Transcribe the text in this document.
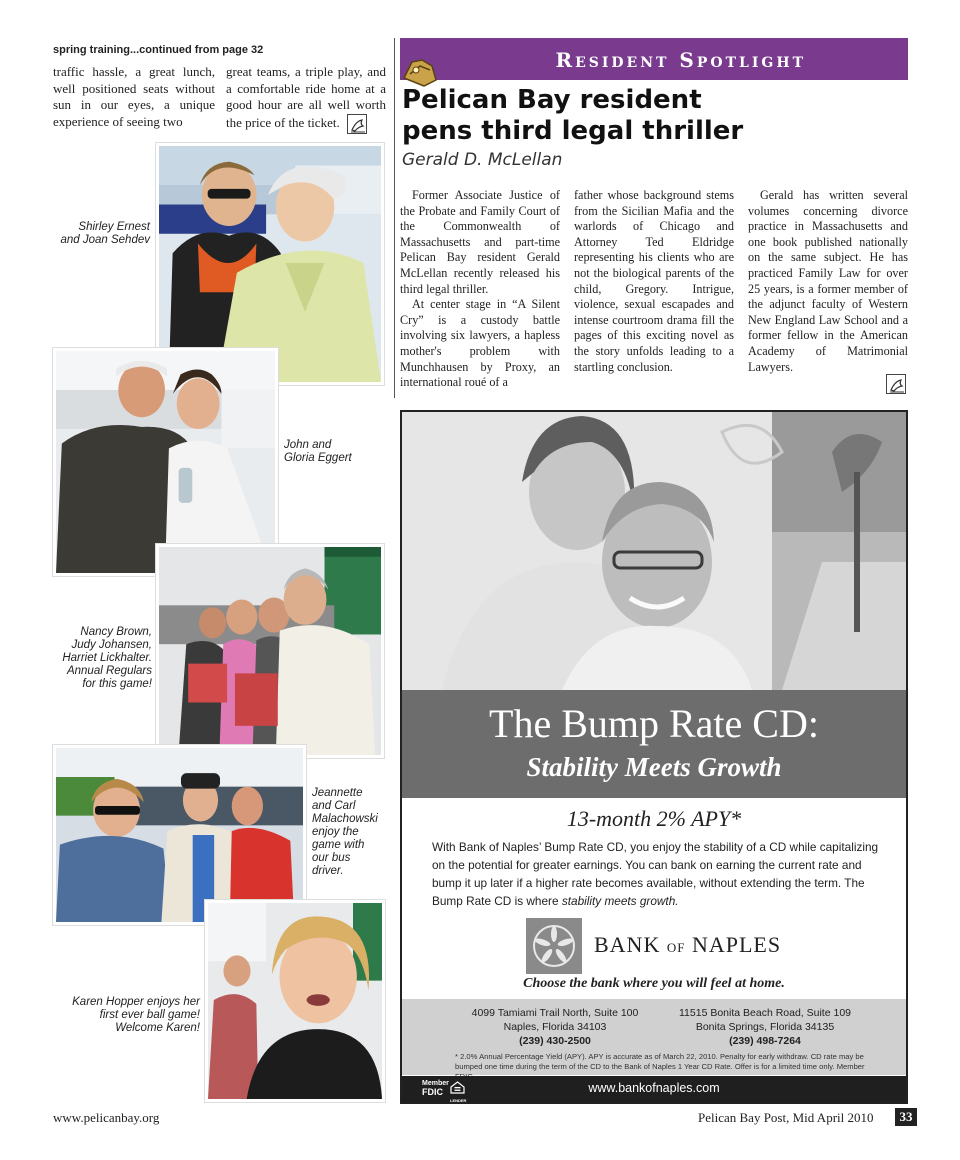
spring training...continued from page 32
traffic hassle, a great lunch, well positioned seats without sun in our eyes, a unique experience of seeing two
great teams, a triple play, and a comfortable ride home at a good hour are all well worth the price of the ticket.
Shirley Ernest and Joan Sehdev
John and Gloria Eggert
Nancy Brown, Judy Johansen, Harriet Lickhalter. Annual Regulars for this game!
Jeannette and Carl Malachowski enjoy the game with our bus driver.
Karen Hopper enjoys her first ever ball game! Welcome Karen!
Resident Spotlight
Pelican Bay resident
pens third legal thriller
Gerald D. McLellan

Former Associate Justice of the Probate and Family Court of the Commonwealth of Massachusetts and part-time Pelican Bay resident Gerald McLellan recently released his third legal thriller.

At center stage in “A Silent Cry” is a custody battle involving six lawyers, a hapless mother's problem with Munchhausen by Proxy, an international roué of a

father whose background stems from the Sicilian Mafia and the warlords of Chicago and Attorney Ted Eldridge representing his clients who are not the biological parents of the child, Gregory. Intrigue, violence, sexual escapades and intense courtroom drama fill the pages of this exciting novel as the story unfolds leading to a startling conclusion.

Gerald has written several volumes concerning divorce practice in Massachusetts and one book published nationally on the same subject. He has practiced Family Law for over 25 years, is a former member of the adjunct faculty of Western New England Law School and a former fellow in the American Academy of Matrimonial Lawyers.

The Bump Rate CD:
Stability Meets Growth
13-month 2% APY*
With Bank of Naples’ Bump Rate CD, you enjoy the stability of a CD while capitalizing on the potential for greater earnings. You can bank on earning the current rate and bump it up later if a higher rate becomes available, without extending the term. The Bump Rate CD is where stability meets growth.
BANK OF NAPLES
Choose the bank where you will feel at home.
4099 Tamiami Trail North, Suite 100
Naples, Florida 34103
(239) 430-2500
11515 Bonita Beach Road, Suite 109
Bonita Springs, Florida 34135
(239) 498-7264
* 2.0% Annual Percentage Yield (APY). APY is accurate as of March 22, 2010. Penalty for early withdraw. CD rate may be bumped one time during the term of the CD to the Bank of Naples 1 Year CD Rate. Offer is for a limited time only. Member
Member
FDIC
LENDER
www.bankofnaples.com
www.pelicanbay.org	Pelican Bay Post, Mid April 2010	33
